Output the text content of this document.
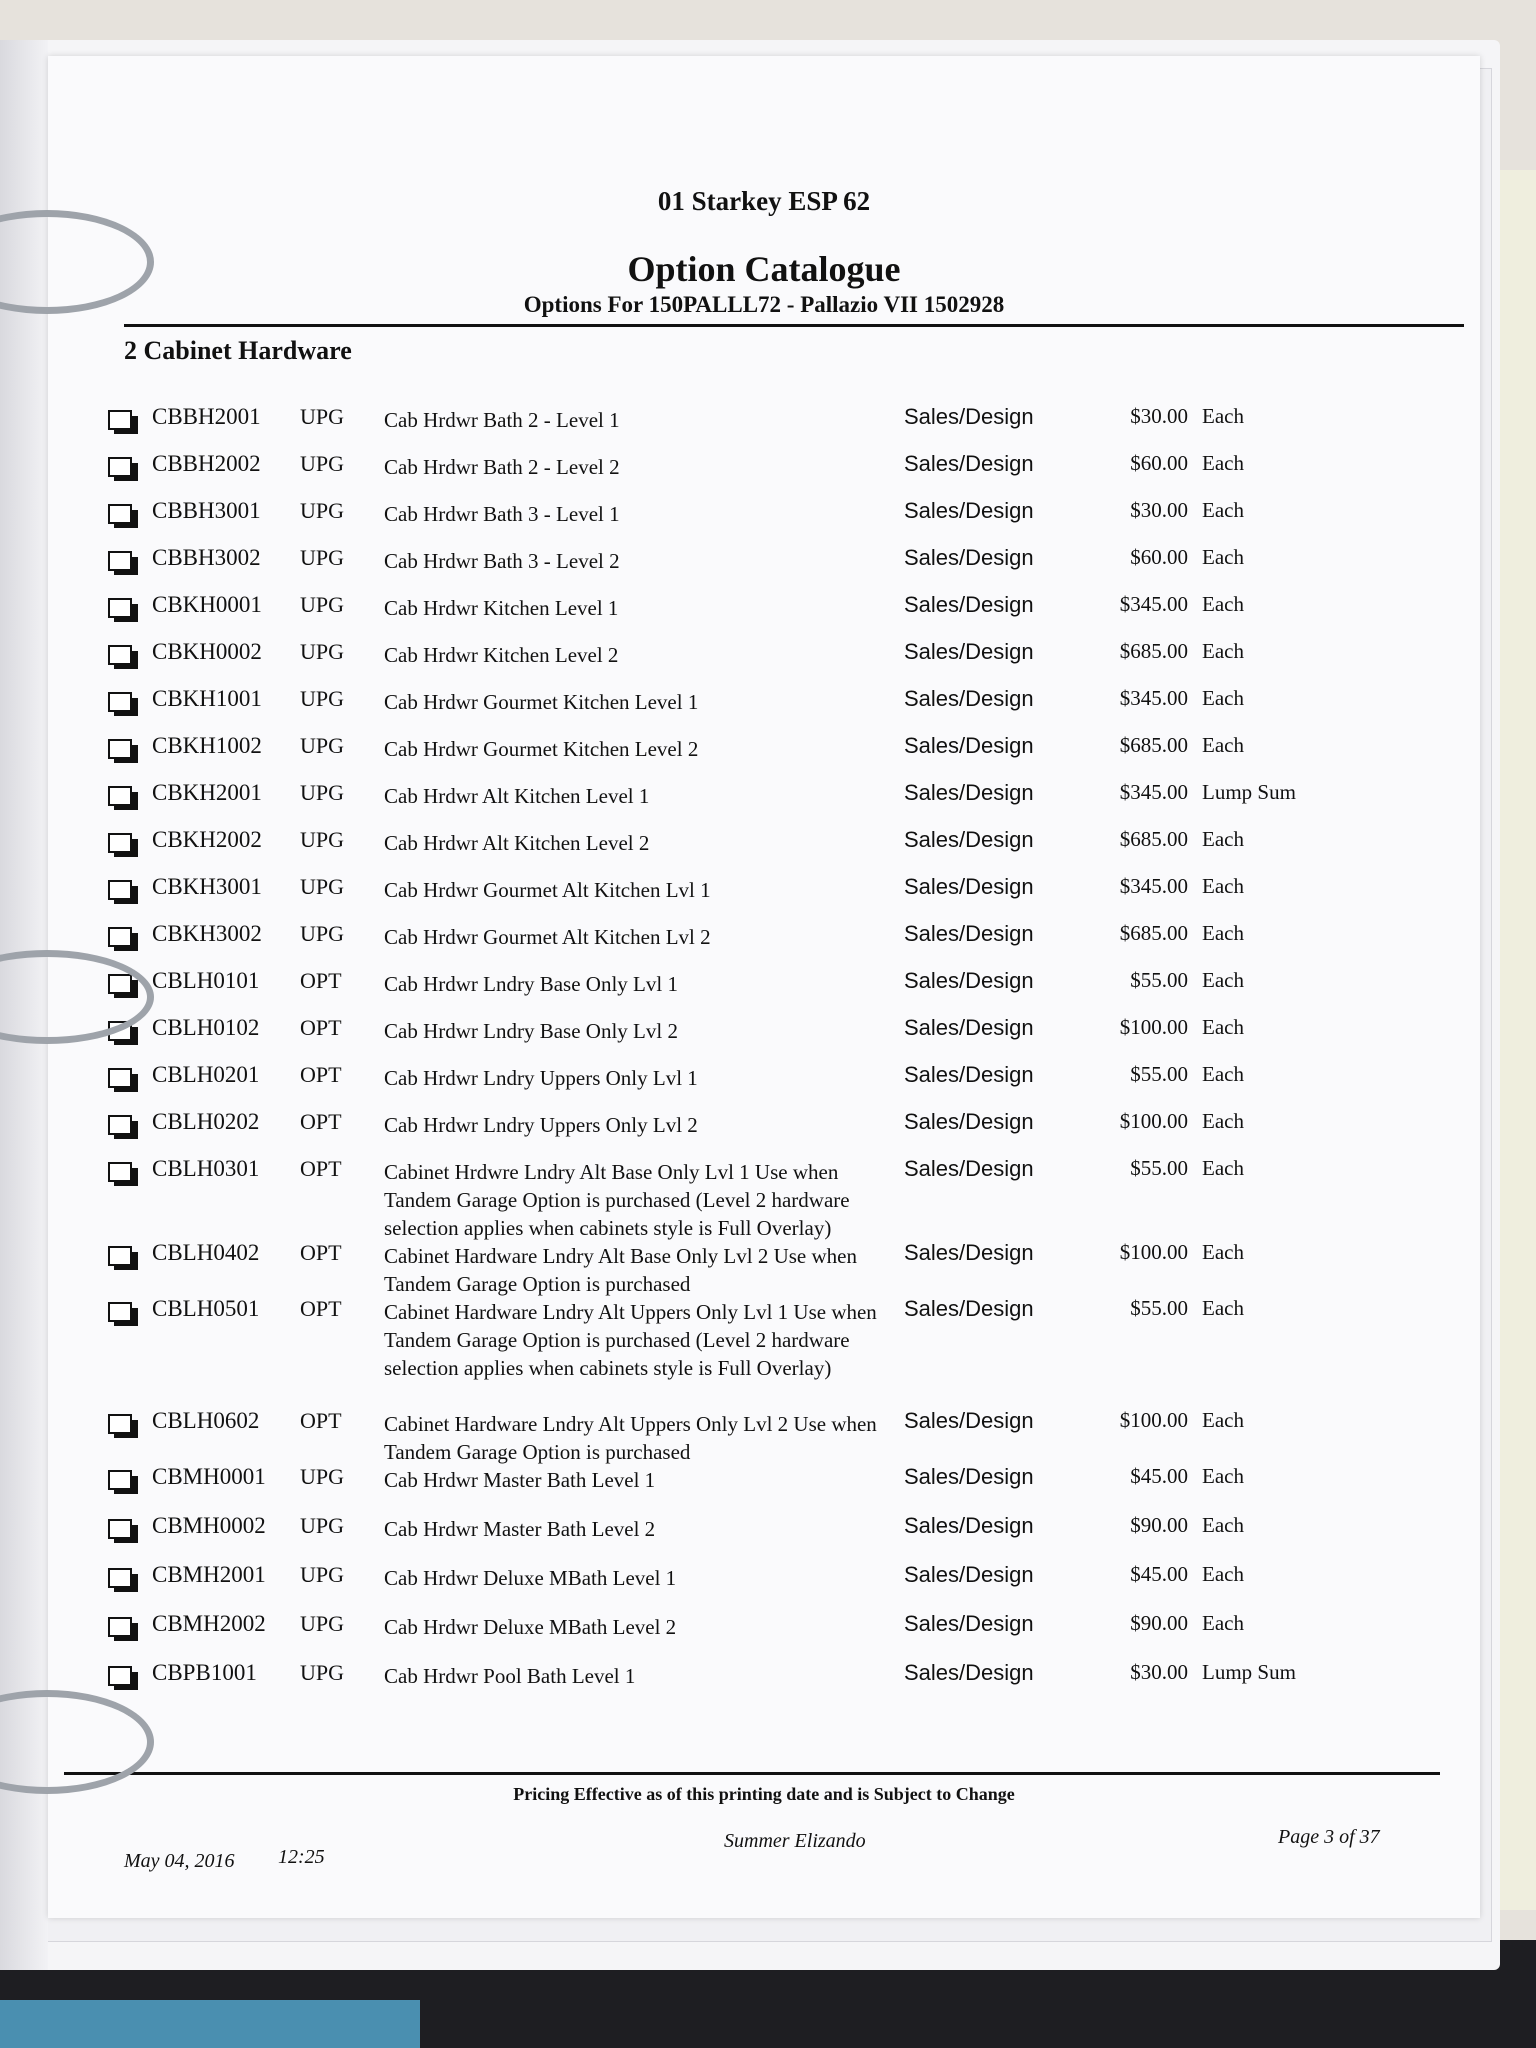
01 Starkey ESP 62
Option Catalogue
Options For 150PALLL72 - Pallazio VII 1502928
2 Cabinet Hardware
CBBH2001 UPG Cab Hrdwr Bath 2 - Level 1	Sales/Design	$30.00 Each
CBBH2002 UPG Cab Hrdwr Bath 2 - Level 2	Sales/Design	$60.00 Each
CBBH3001 UPG Cab Hrdwr Bath 3 - Level 1	Sales/Design	$30.00 Each
CBBH3002 UPG Cab Hrdwr Bath 3 - Level 2	Sales/Design	$60.00 Each
CBKH0001 UPG Cab Hrdwr Kitchen Level 1	Sales/Design	$345.00 Each
CBKH0002 UPG Cab Hrdwr Kitchen Level 2	Sales/Design	$685.00 Each
CBKH1001 UPG Cab Hrdwr Gourmet Kitchen Level 1	Sales/Design	$345.00 Each
CBKH1002 UPG Cab Hrdwr Gourmet Kitchen Level 2	Sales/Design	$685.00 Each
CBKH2001 UPG Cab Hrdwr Alt Kitchen Level 1	Sales/Design	$345.00 Lump Sum
CBKH2002 UPG Cab Hrdwr Alt Kitchen Level 2	Sales/Design	$685.00 Each
CBKH3001 UPG Cab Hrdwr Gourmet Alt Kitchen Lvl 1	Sales/Design	$345.00 Each
CBKH3002 UPG Cab Hrdwr Gourmet Alt Kitchen Lvl 2	Sales/Design	$685.00 Each
CBLH0101 OPT Cab Hrdwr Lndry Base Only Lvl 1	Sales/Design	$55.00 Each
CBLH0102 OPT Cab Hrdwr Lndry Base Only Lvl 2	Sales/Design	$100.00 Each
CBLH0201 OPT Cab Hrdwr Lndry Uppers Only Lvl 1	Sales/Design	$55.00 Each
CBLH0202 OPT Cab Hrdwr Lndry Uppers Only Lvl 2	Sales/Design	$100.00 Each
CBLH0301 OPT Cabinet Hrdwre Lndry Alt Base Only Lvl 1 Use when Tandem Garage Option is purchased (Level 2 hardware selection applies when cabinets style is Full Overlay)
Sales/Design	$55.00 Each
CBLH0402 OPT Cabinet Hardware Lndry Alt Base Only Lvl 2 Use when Tandem Garage Option is purchased
Sales/Design	$100.00 Each
CBLH0501 OPT Cabinet Hardware Lndry Alt Uppers Only Lvl 1 Use when Tandem Garage Option is purchased (Level 2 hardware selection applies when cabinets style is Full Overlay)
Sales/Design	$55.00 Each
CBLH0602 OPT Cabinet Hardware Lndry Alt Uppers Only Lvl 2 Use when Tandem Garage Option is purchased
Sales/Design	$100.00 Each
CBMH0001 UPG Cab Hrdwr Master Bath Level 1	Sales/Design	$45.00 Each
CBMH0002 UPG Cab Hrdwr Master Bath Level 2	Sales/Design	$90.00 Each
CBMH2001 UPG Cab Hrdwr Deluxe MBath Level 1	Sales/Design	$45.00 Each
CBMH2002 UPG Cab Hrdwr Deluxe MBath Level 2	Sales/Design	$90.00 Each
CBPB1001 UPG Cab Hrdwr Pool Bath Level 1	Sales/Design	$30.00 Lump Sum
Pricing Effective as of this printing date and is Subject to Change
May 04, 2016 12:25
Summer Elizando	Page 3 of 37
